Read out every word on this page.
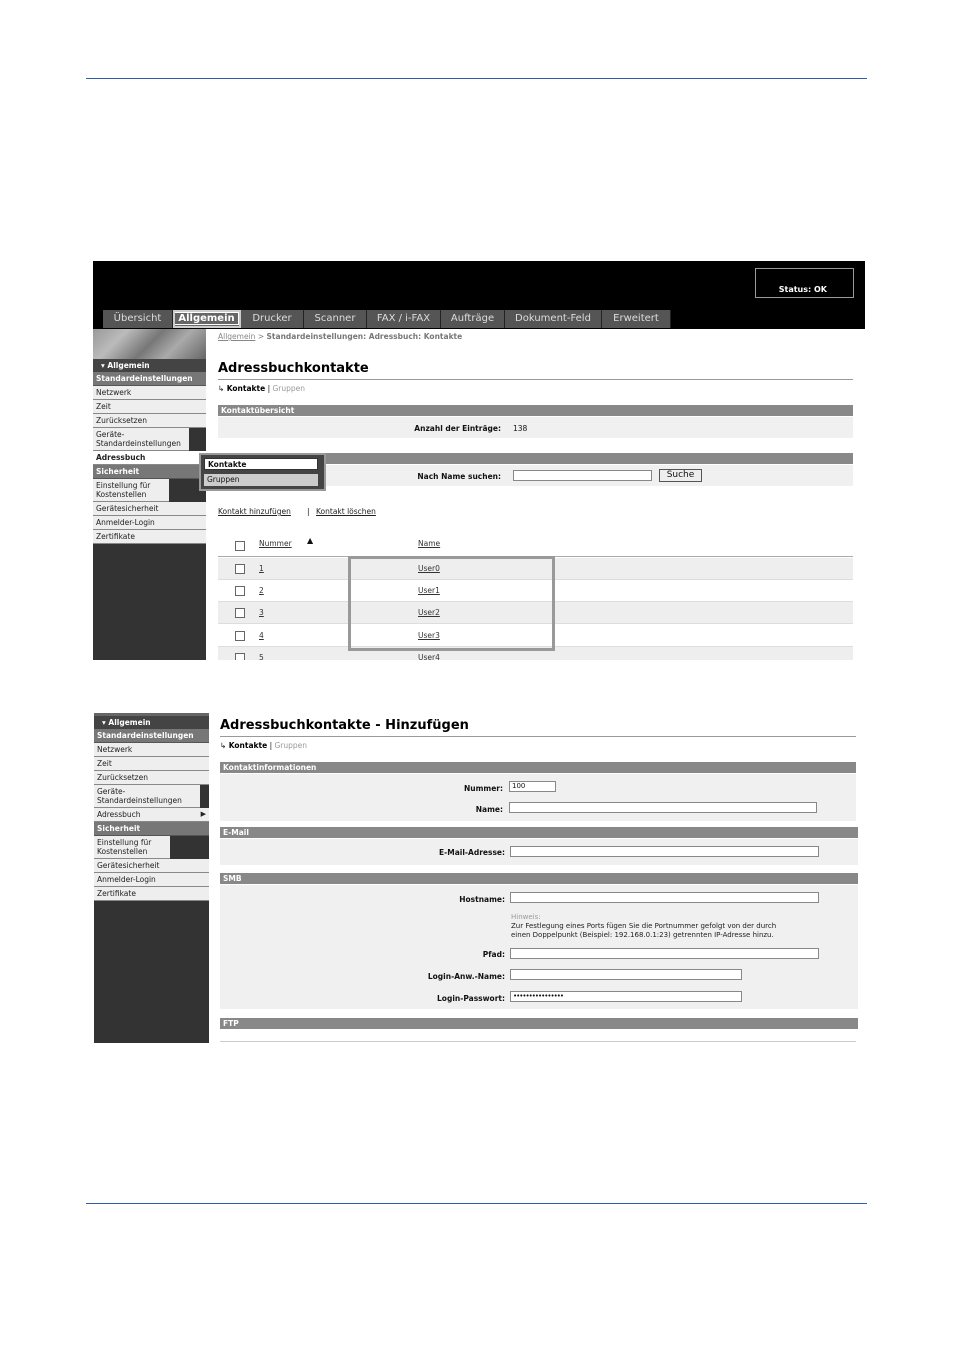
Status: OK
Übersicht	Allgemein	Drucker	Scanner	FAX / i-FAX	Aufträge	Dokument-Feld	Erweitert
▾ Allgemein
Standardeinstellungen
Netzwerk
Zeit
Zurücksetzen
Geräte-Standardeinstellungen
Adressbuch
Sicherheit
Einstellung für Kostenstellen
Gerätesicherheit
Anmelder-Login
Zertifikate
Allgemein > Standardeinstellungen: Adressbuch: Kontakte
Adressbuchkontakte
↳ Kontakte | Gruppen
Kontaktübersicht
Anzahl der Einträge: 138
Nach Name suchen:	Suche
Kontakt hinzufügen | Kontakt löschen
Nummer ▲	Name
1	User0
2	User1
3	User2
4	User3
5	User4
Kontakte
Gruppen
▾ Allgemein
Standardeinstellungen
Netzwerk
Zeit
Zurücksetzen
Geräte-Standardeinstellungen
Adressbuch	▶
Sicherheit
Einstellung für Kostenstellen
Gerätesicherheit
Anmelder-Login
Zertifikate
Adressbuchkontakte - Hinzufügen
↳ Kontakte | Gruppen
Kontaktinformationen
Nummer:	100
Name:
E-Mail
E-Mail-Adresse:
SMB
Hostname:
Hinweis:
Zur Festlegung eines Ports fügen Sie die Portnummer gefolgt von der durch
einen Doppelpunkt (Beispiel: 192.168.0.1:23) getrennten IP-Adresse hinzu.
Pfad:
Login-Anw.-Name:
Login-Passwort:	••••••••••••••••
FTP
